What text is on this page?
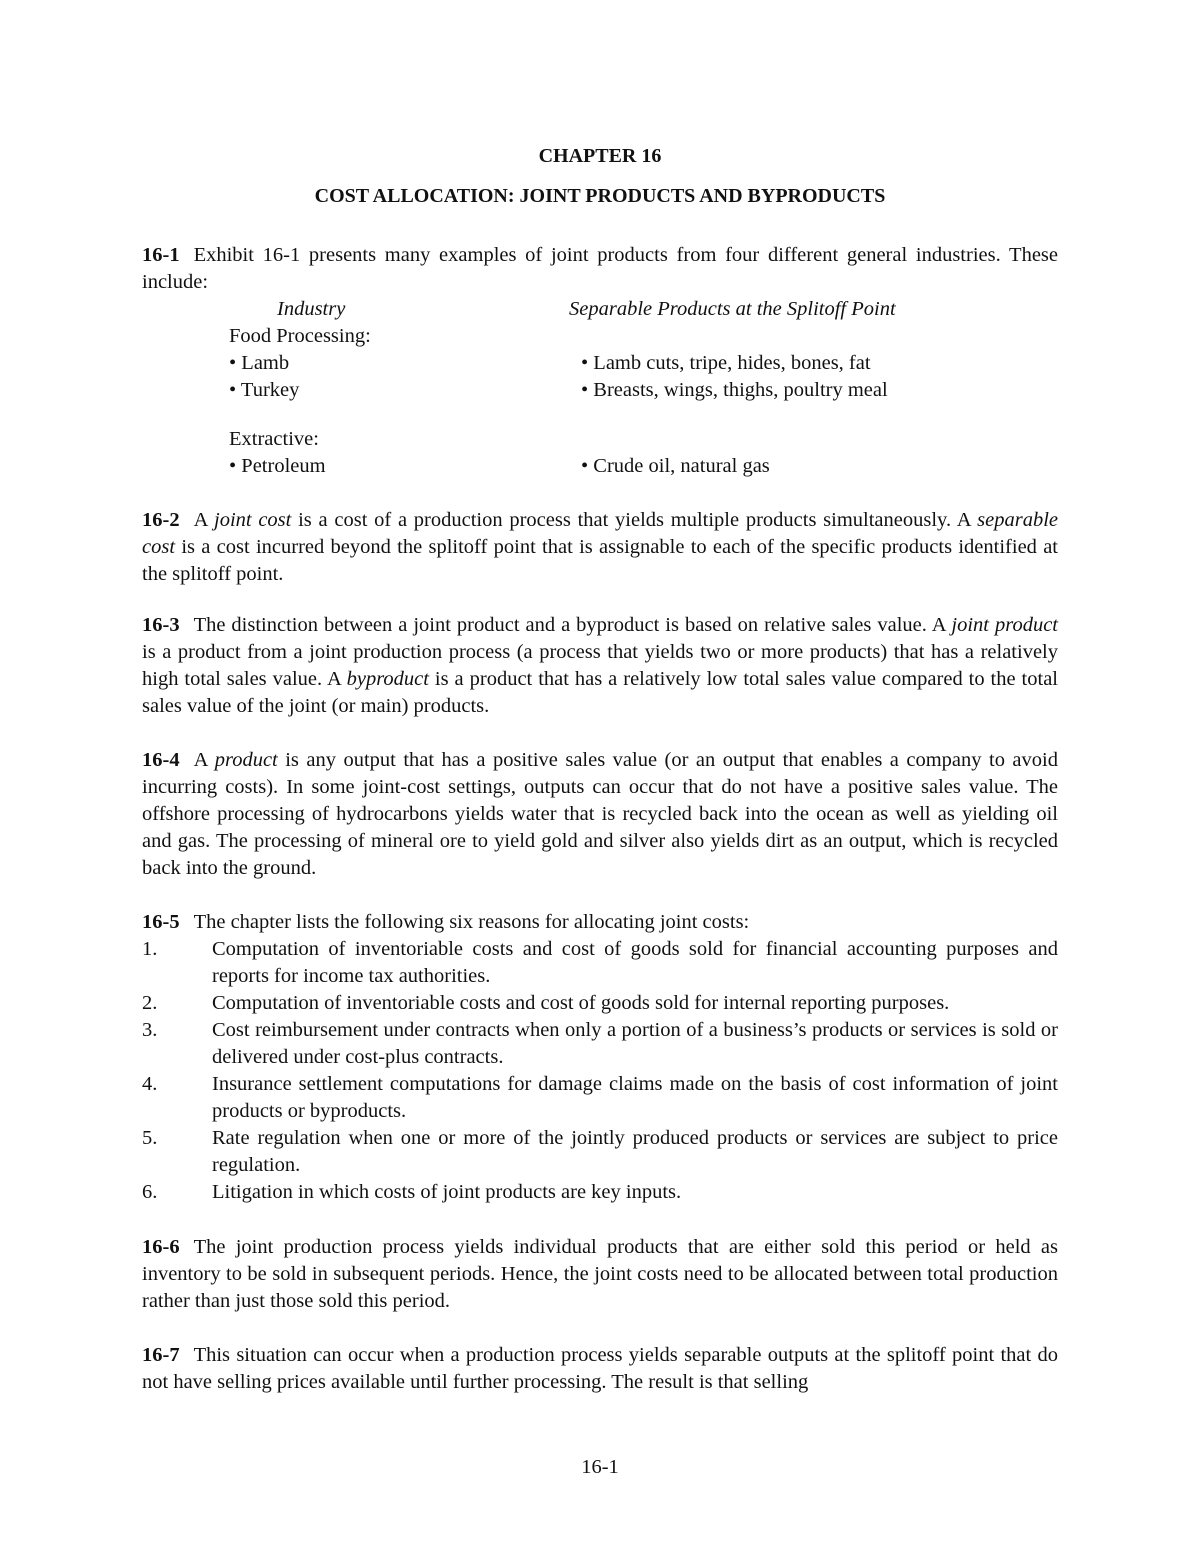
CHAPTER 16
COST ALLOCATION: JOINT PRODUCTS AND BYPRODUCTS

16-1 Exhibit 16-1 presents many examples of joint products from four different general industries. These include:

Industry	Separable Products at the Splitoff Point
Food Processing:
• Lamb	• Lamb cuts, tripe, hides, bones, fat
• Turkey	• Breasts, wings, thighs, poultry meal
Extractive:
• Petroleum	• Crude oil, natural gas

16-2 A joint cost is a cost of a production process that yields multiple products simultaneously. A separable cost is a cost incurred beyond the splitoff point that is assignable to each of the specific products identified at the splitoff point.

16-3 The distinction between a joint product and a byproduct is based on relative sales value. A joint product is a product from a joint production process (a process that yields two or more products) that has a relatively high total sales value. A byproduct is a product that has a relatively low total sales value compared to the total sales value of the joint (or main) products.

16-4 A product is any output that has a positive sales value (or an output that enables a company to avoid incurring costs). In some joint-cost settings, outputs can occur that do not have a positive sales value. The offshore processing of hydrocarbons yields water that is recycled back into the ocean as well as yielding oil and gas. The processing of mineral ore to yield gold and silver also yields dirt as an output, which is recycled back into the ground.

16-5 The chapter lists the following six reasons for allocating joint costs:

1.	Computation of inventoriable costs and cost of goods sold for financial accounting purposes and reports for income tax authorities.
2.	Computation of inventoriable costs and cost of goods sold for internal reporting purposes.
3.	Cost reimbursement under contracts when only a portion of a business’s products or services is sold or delivered under cost-plus contracts.
4.	Insurance settlement computations for damage claims made on the basis of cost information of joint products or byproducts.
5.	Rate regulation when one or more of the jointly produced products or services are subject to price regulation.
6.	Litigation in which costs of joint products are key inputs.

16-6 The joint production process yields individual products that are either sold this period or held as inventory to be sold in subsequent periods. Hence, the joint costs need to be allocated between total production rather than just those sold this period.

16-7 This situation can occur when a production process yields separable outputs at the splitoff point that do not have selling prices available until further processing. The result is that selling

16-1
